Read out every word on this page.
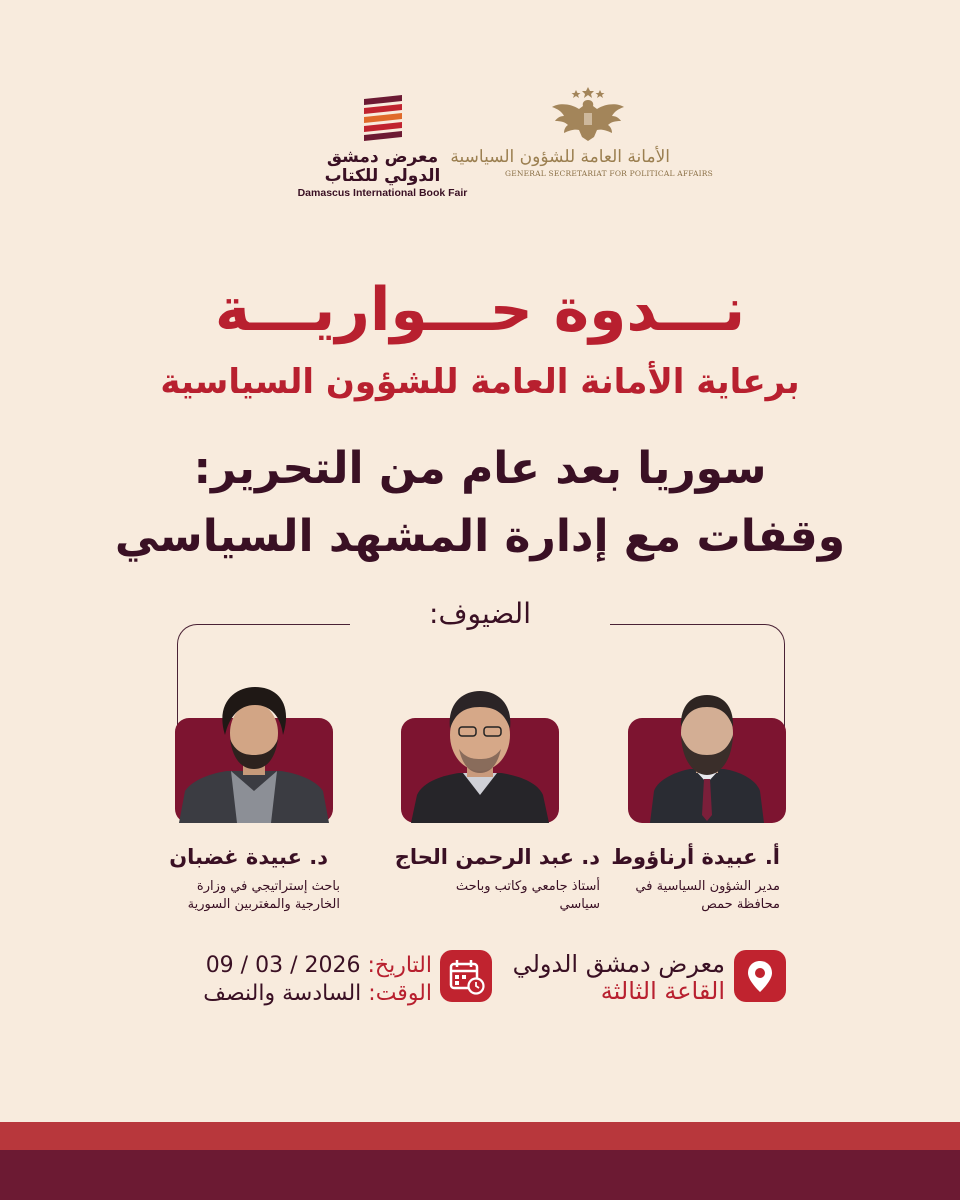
الأمانة العامة للشؤون السياسية
GENERAL SECRETARIAT FOR POLITICAL AFFAIRS
معرض دمشق
الدولي للكتاب
Damascus International Book Fair
نـــدوة حـــواريـــة
برعاية الأمانة العامة للشؤون السياسية
سوريا بعد عام من التحرير:
وقفات مع إدارة المشهد السياسي
الضيوف:
أ. عبيدة أرناؤوط
مدير الشؤون السياسية في محافظة حمص
د. عبد الرحمن الحاج
أستاذ جامعي وكاتب وباحث سياسي
د. عبيدة غضبان
باحث إستراتيجي في وزارة الخارجية والمغتربين السورية
معرض دمشق الدولي
القاعة الثالثة
التاريخ: 09 / 03 / 2026
الوقت: السادسة والنصف
